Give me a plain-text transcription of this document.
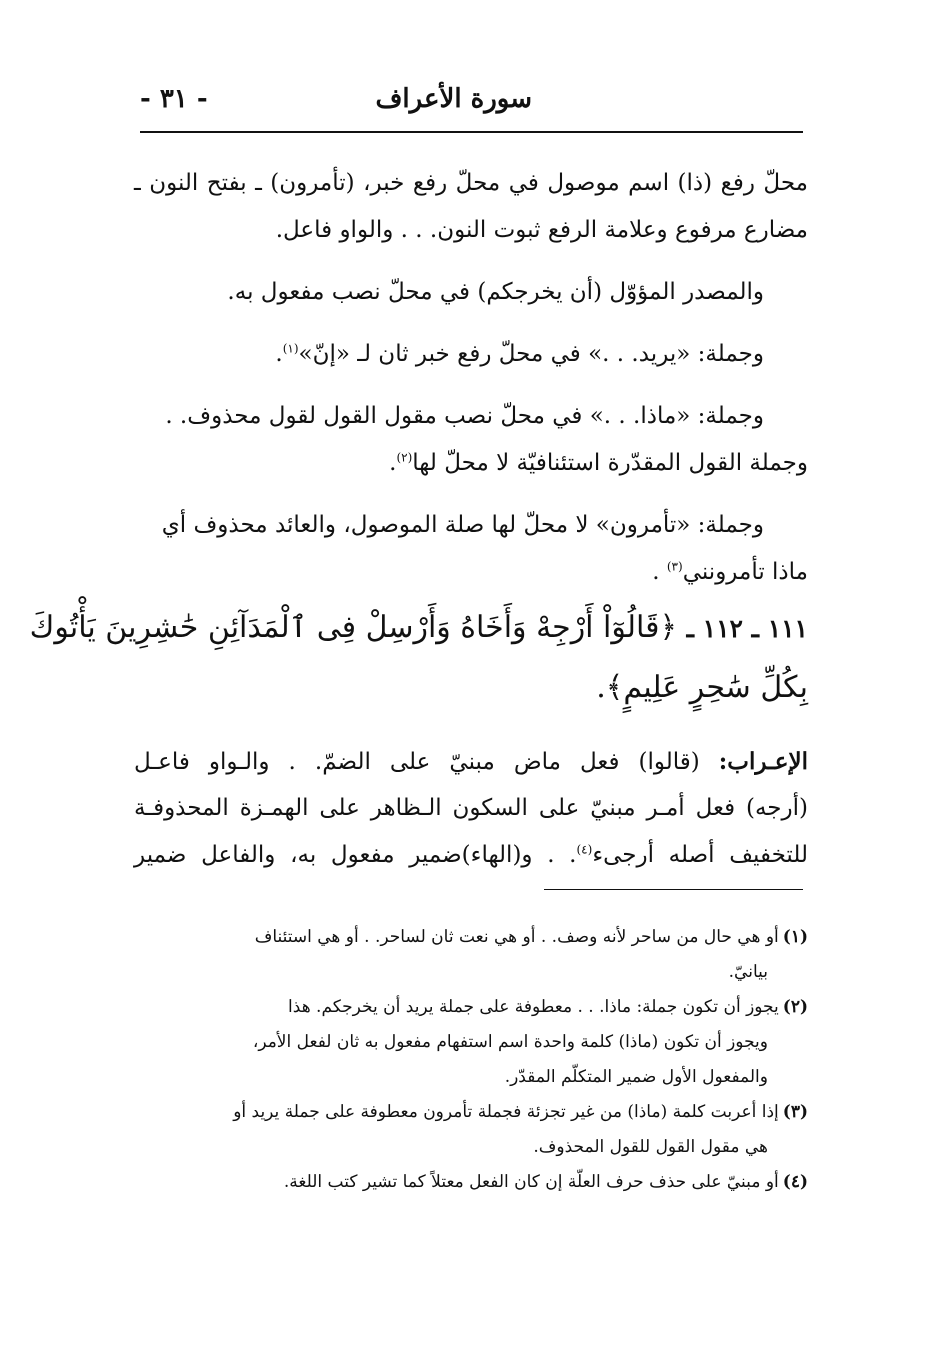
سورة الأعراف
- ٣١ -
محلّ رفع (ذا) اسم موصول في محلّ رفع خبر، (تأمرون) ـ بفتح النون ـ
مضارع مرفوع وعلامة الرفع ثبوت النون. . . والواو فاعل.
والمصدر المؤوّل (أن يخرجكم) في محلّ نصب مفعول به.
وجملة: «يريد. . .» في محلّ رفع خبر ثان لـ «إنّ»$^{(١)}$.
وجملة: «ماذا. . .» في محلّ نصب مقول القول لقول محذوف. .
وجملة القول المقدّرة استئنافيّة لا محلّ لها$^{(٢)}$.
وجملة: «تأمرون» لا محلّ لها صلة الموصول، والعائد محذوف أي
ماذا تأمرونني$^{(٣)}$ .
١١١ ـ ١١٢ ـ ﴿قَالُوٓاْ أَرْجِهْ وَأَخَاهُ وَأَرْسِلْ فِى ٱلْمَدَآئِنِ حَٰشِرِينَ يَأْتُوكَ
بِكُلِّ سَٰحِرٍ عَلِيمٍ﴾.
الإعـراب: (قالوا) فعل ماض مبنيّ على الضمّ. . والـواو فاعـل
(أرجه) فعل أمـر مبنيّ على السكون الـظاهر على الهمـزة المحذوفـة
للتخفيف أصله أرجىء$^{(٤)}$. . و(الهاء)ضمير مفعول به، والفاعل ضمير
(١)أو هي حال من ساحر لأنه وصف. . أو هي نعت ثان لساحر. . أو هي استئناف
بيانيّ.
(٢)يجوز أن تكون جملة: ماذا. . . معطوفة على جملة يريد أن يخرجكم. هذا
ويجوز أن تكون (ماذا) كلمة واحدة اسم استفهام مفعول به ثان لفعل الأمر،
والمفعول الأول ضمير المتكلّم المقدّر.
(٣)إذا أعربت كلمة (ماذا) من غير تجزئة فجملة تأمرون معطوفة على جملة يريد أو
هي مقول القول للقول المحذوف.
(٤)أو مبنيّ على حذف حرف العلّة إن كان الفعل معتلاً كما تشير كتب اللغة.
